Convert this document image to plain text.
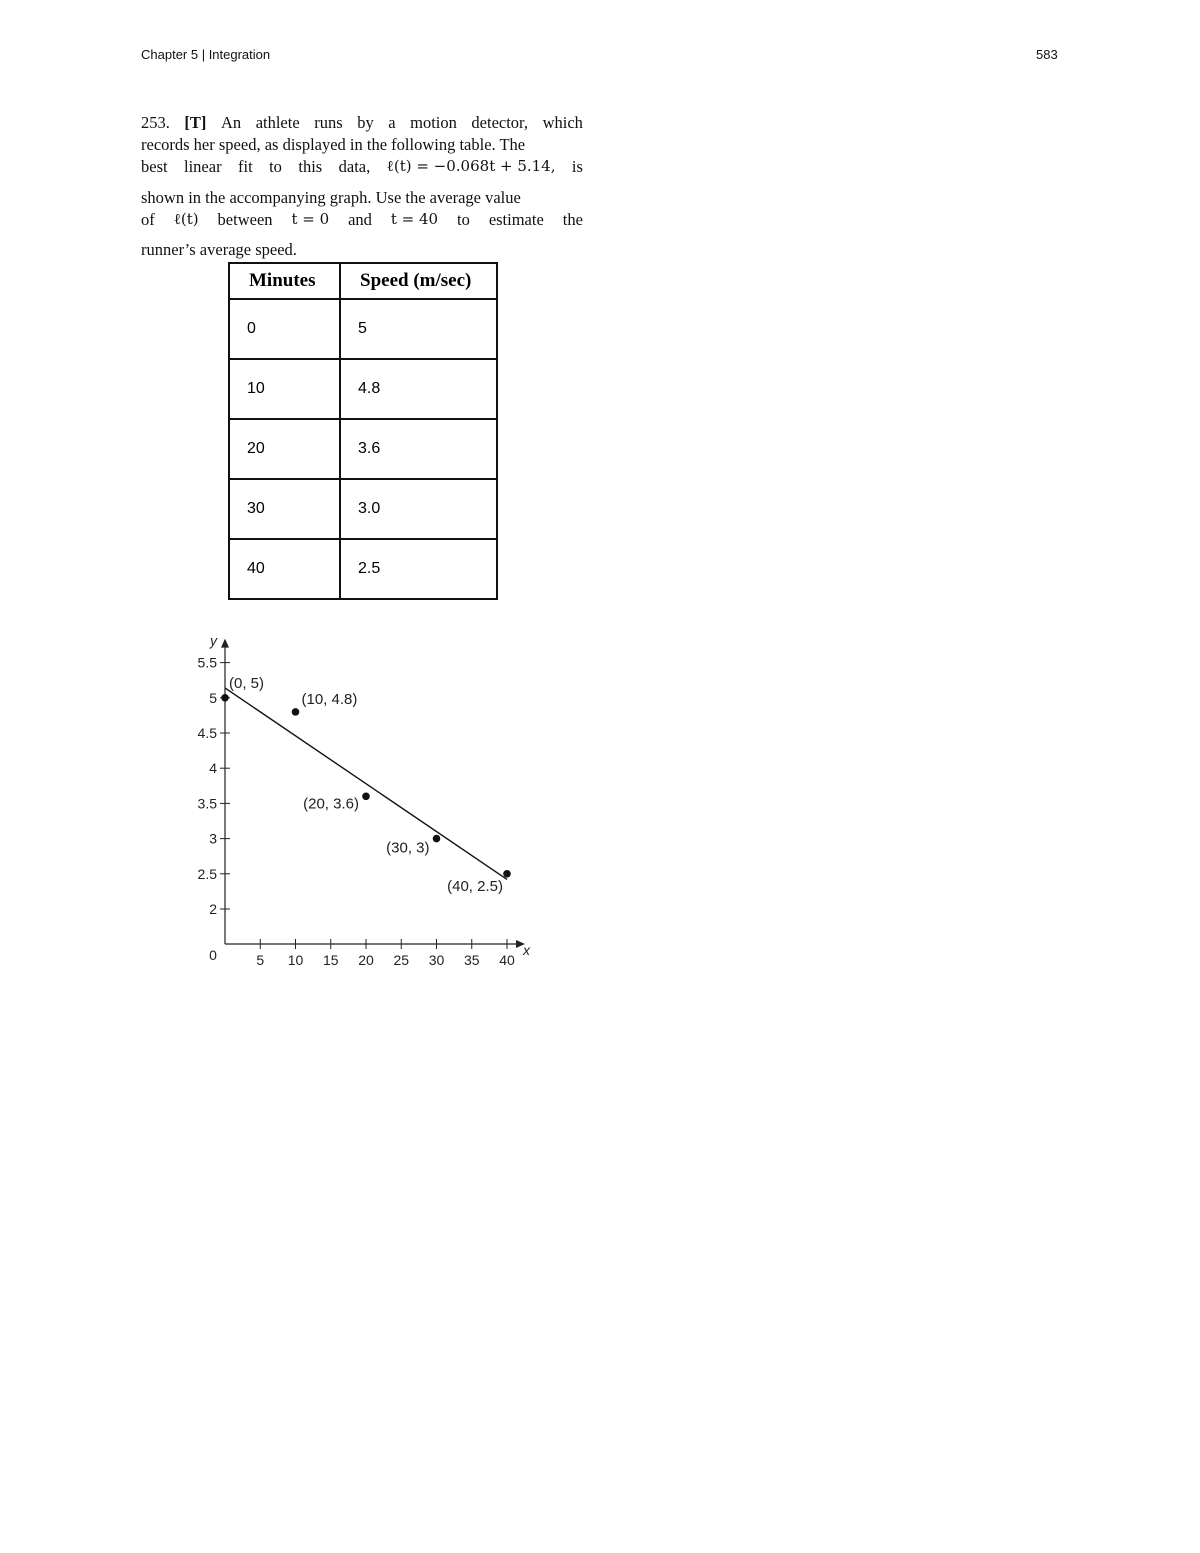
Chapter 5 | Integration	583
253. [T] An athlete runs by a motion detector, which
records her speed, as displayed in the following table. The
best linear fit to this data, ℓ(t) = −0.068t + 5.14, is
shown in the accompanying graph. Use the average value
of ℓ(t) between t = 0 and t = 40 to estimate the
runner’s average speed.
Minutes	Speed (m/sec)
0	5
10	4.8
20	3.6
30	3.0
40	2.5
x
y
0	5 10 15 20 25 30 35 40
2
2.5
3
3.5
4
4.5
5
5.5
(0, 5)
(10, 4.8)
(20, 3.6)
(30, 3)
(40, 2.5)
